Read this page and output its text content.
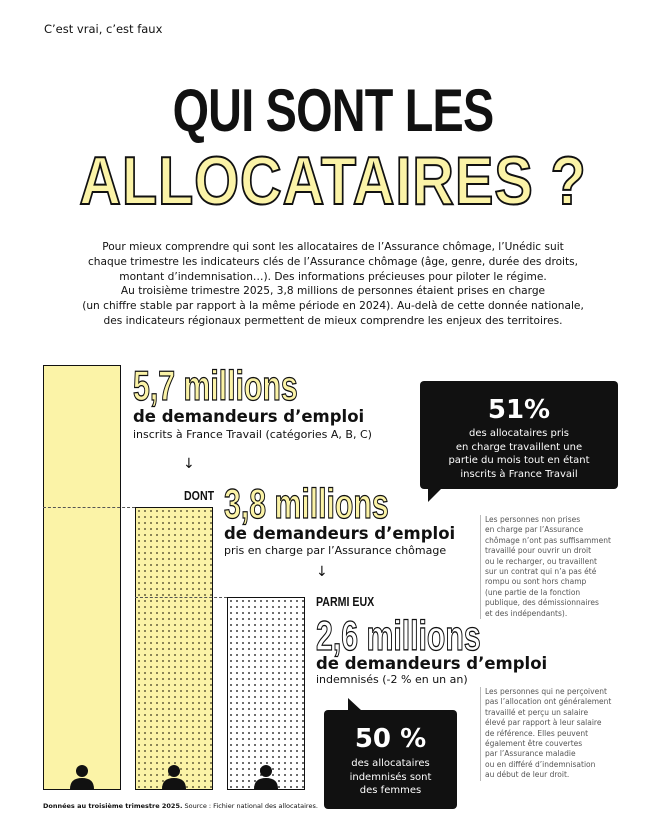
C’est vrai, c’est faux
QUI SONT LES
ALLOCATAIRES ?

Pour mieux comprendre qui sont les allocataires de l’Assurance chômage, l’Unédic suit

chaque trimestre les indicateurs clés de l’Assurance chômage (âge, genre, durée des droits,

montant d’indemnisation…). Des informations précieuses pour piloter le régime.

Au troisième trimestre 2025, 3,8 millions de personnes étaient prises en charge

(un chiffre stable par rapport à la même période en 2024). Au-delà de cette donnée nationale,

des indicateurs régionaux permettent de mieux comprendre les enjeux des territoires.

5,7 millions
de demandeurs d’emploi
inscrits à France Travail (catégories A, B, C)
↓
DONT 3,8 millions
de demandeurs d’emploi
pris en charge par l’Assurance chômage
↓
PARMI EUX
2,6 millions
de demandeurs d’emploi
indemnisés (-2 % en un an)
51%
des allocataires pris
en charge travaillent une
partie du mois tout en étant
inscrits à France Travail
50 %
des allocataires
indemnisés sont
des femmes
Les personnes non prises
en charge par l’Assurance
chômage n’ont pas suffisamment
travaillé pour ouvrir un droit
ou le recharger, ou travaillent
sur un contrat qui n’a pas été
rompu ou sont hors champ
(une partie de la fonction
publique, des démissionnaires
et des indépendants).
Les personnes qui ne perçoivent
pas l’allocation ont généralement
travaillé et perçu un salaire
élevé par rapport à leur salaire
de référence. Elles peuvent
également être couvertes
par l’Assurance maladie
ou en différé d’indemnisation
au début de leur droit.
Données au troisième trimestre 2025. Source : Fichier national des allocataires.
